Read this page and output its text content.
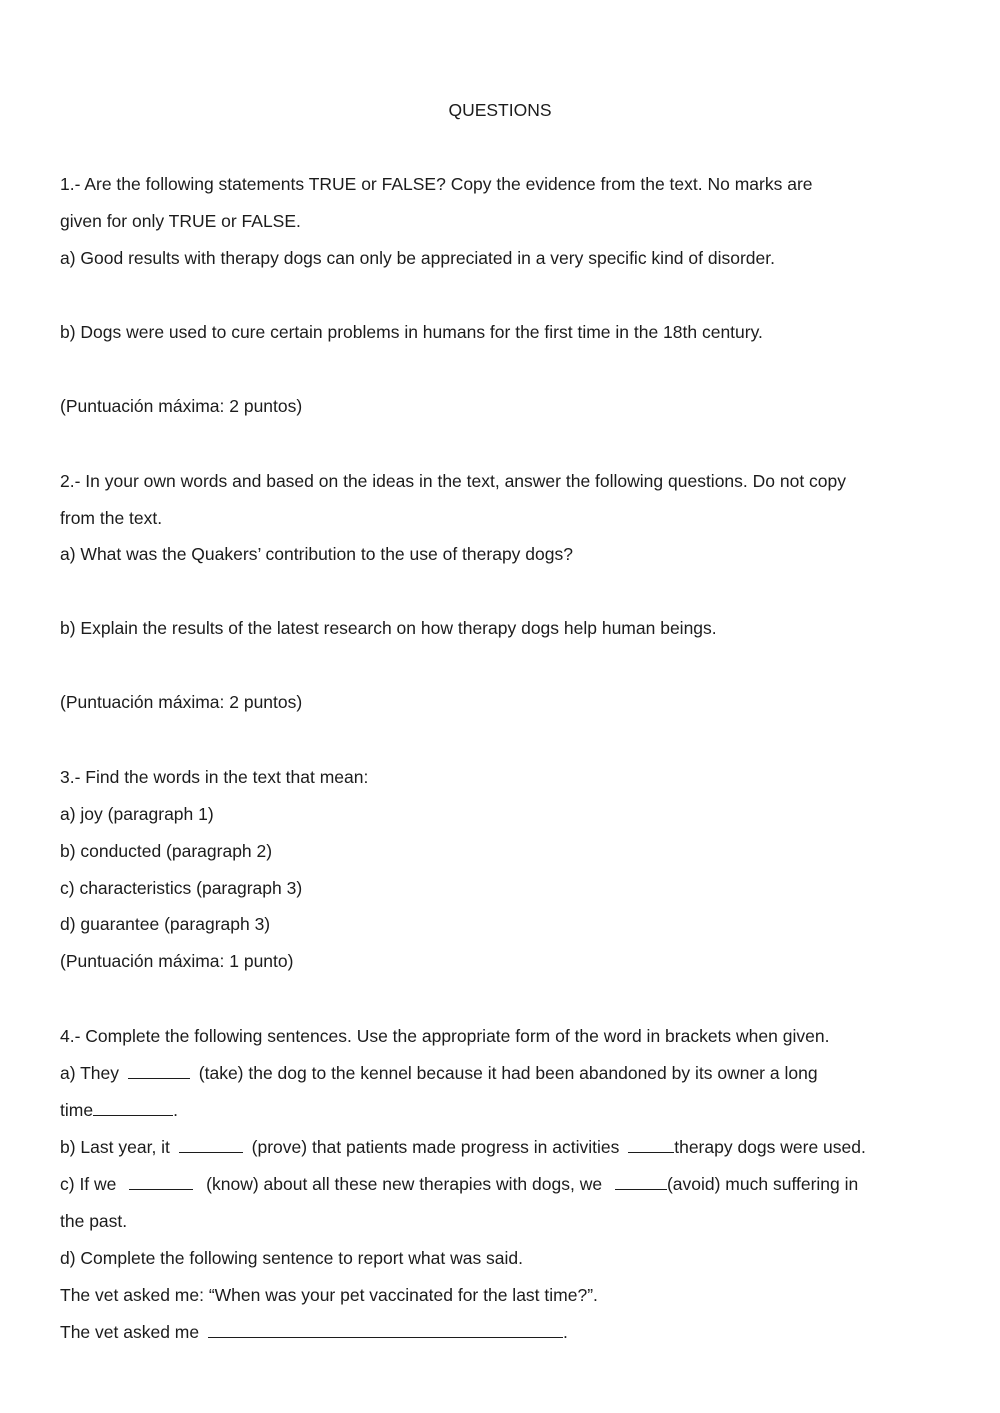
QUESTIONS
1.- Are the following statements TRUE or FALSE? Copy the evidence from the text. No marks are
given for only TRUE or FALSE.
a) Good results with therapy dogs can only be appreciated in a very specific kind of disorder.
b) Dogs were used to cure certain problems in humans for the first time in the 18th century.
(Puntuación máxima: 2 puntos)
2.- In your own words and based on the ideas in the text, answer the following questions. Do not copy
from the text.
a) What was the Quakers’ contribution to the use of therapy dogs?
b) Explain the results of the latest research on how therapy dogs help human beings.
(Puntuación máxima: 2 puntos)
3.- Find the words in the text that mean:
a) joy (paragraph 1)
b) conducted (paragraph 2)
c) characteristics (paragraph 3)
d) guarantee (paragraph 3)
(Puntuación máxima: 1 punto)
4.- Complete the following sentences. Use the appropriate form of the word in brackets when given.
a) They	(take) the dog to the kennel because it had been abandoned by its owner a long
time	.
b) Last year, it	(prove) that patients made progress in activities	therapy dogs were used.
c) If we	(know) about all these new therapies with dogs, we	(avoid) much suffering in
the past.
d) Complete the following sentence to report what was said.
The vet asked me: “When was your pet vaccinated for the last time?”.
The vet asked me	.
